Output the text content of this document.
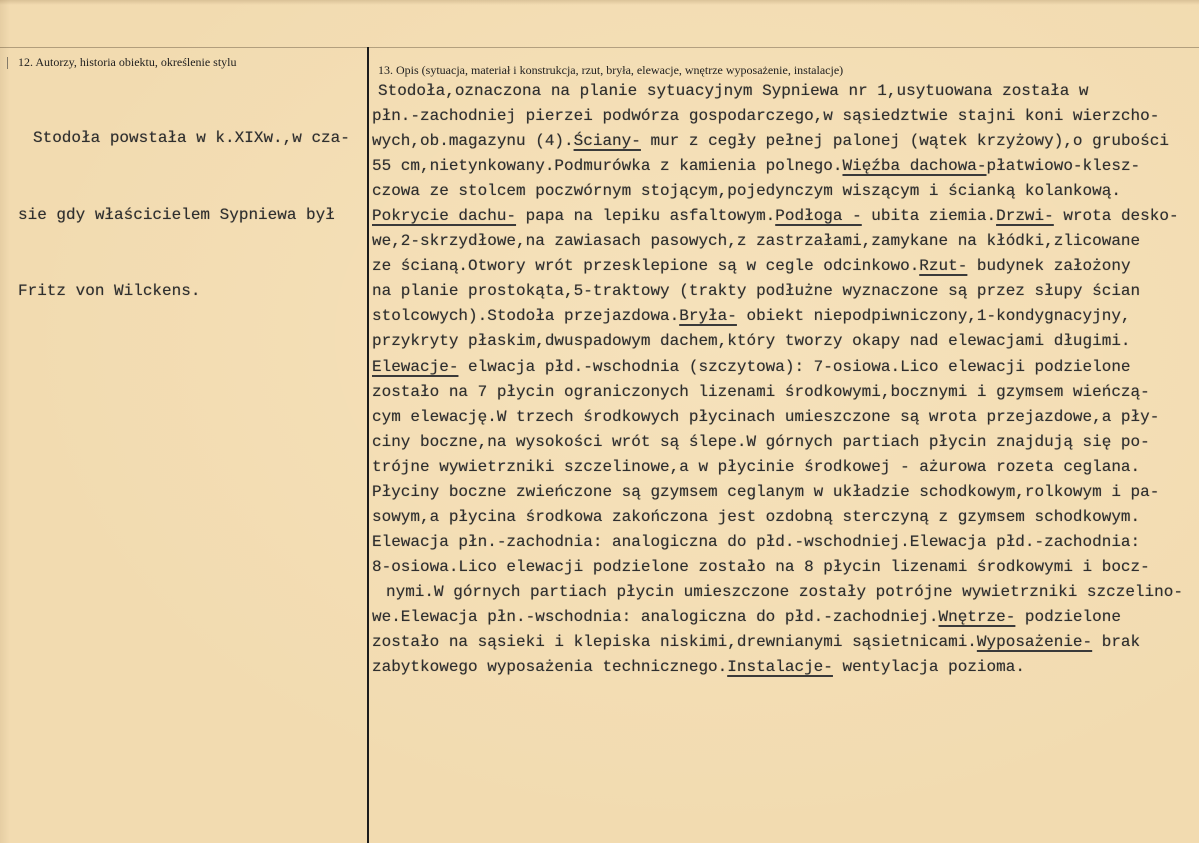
12. Autorzy, historia obiektu, określenie stylu
13. Opis (sytuacja, materiał i konstrukcja, rzut, bryła, elewacje, wnętrze wyposażenie, instalacje)

Stodoła powstała w k.XIXw.,w cza-

sie gdy właścicielem Sypniewa był

Fritz von Wilckens.

Stodoła,oznaczona na planie sytuacyjnym Sypniewa nr 1,usytuowana została w
płn.-zachodniej pierzei podwórza gospodarczego,w sąsiedztwie stajni koni wierzcho-
wych,ob.magazynu (4).Ściany- mur z cegły pełnej palonej (wątek krzyżowy),o grubości
55 cm,nietynkowany.Podmurówka z kamienia polnego.Więźba dachowa-płatwiowo-klesz-
czowa ze stolcem poczwórnym stojącym,pojedynczym wiszącym i ścianką kolankową.
Pokrycie dachu- papa na lepiku asfaltowym.Podłoga - ubita ziemia.Drzwi- wrota desko-
we,2-skrzydłowe,na zawiasach pasowych,z zastrzałami,zamykane na kłódki,zlicowane
ze ścianą.Otwory wrót przesklepione są w cegle odcinkowo.Rzut- budynek założony
na planie prostokąta,5-traktowy (trakty podłużne wyznaczone są przez słupy ścian
stolcowych).Stodoła przejazdowa.Bryła- obiekt niepodpiwniczony,1-kondygnacyjny,
przykryty płaskim,dwuspadowym dachem,który tworzy okapy nad elewacjami długimi.
Elewacje- elwacja płd.-wschodnia (szczytowa): 7-osiowa.Lico elewacji podzielone
zostało na 7 płycin ograniczonych lizenami środkowymi,bocznymi i gzymsem wieńczą-
cym elewację.W trzech środkowych płycinach umieszczone są wrota przejazdowe,a pły-
ciny boczne,na wysokości wrót są ślepe.W górnych partiach płycin znajdują się po-
trójne wywietrzniki szczelinowe,a w płycinie środkowej - ażurowa rozeta ceglana.
Płyciny boczne zwieńczone są gzymsem ceglanym w układzie schodkowym,rolkowym i pa-
sowym,a płycina środkowa zakończona jest ozdobną sterczyną z gzymsem schodkowym.
Elewacja płn.-zachodnia: analogiczna do płd.-wschodniej.Elewacja płd.-zachodnia:
8-osiowa.Lico elewacji podzielone zostało na 8 płycin lizenami środkowymi i bocz-
nymi.W górnych partiach płycin umieszczone zostały potrójne wywietrzniki szczelino-
we.Elewacja płn.-wschodnia: analogiczna do płd.-zachodniej.Wnętrze- podzielone
zostało na sąsieki i klepiska niskimi,drewnianymi sąsietnicami.Wyposażenie- brak
zabytkowego wyposażenia technicznego.Instalacje- wentylacja pozioma.
